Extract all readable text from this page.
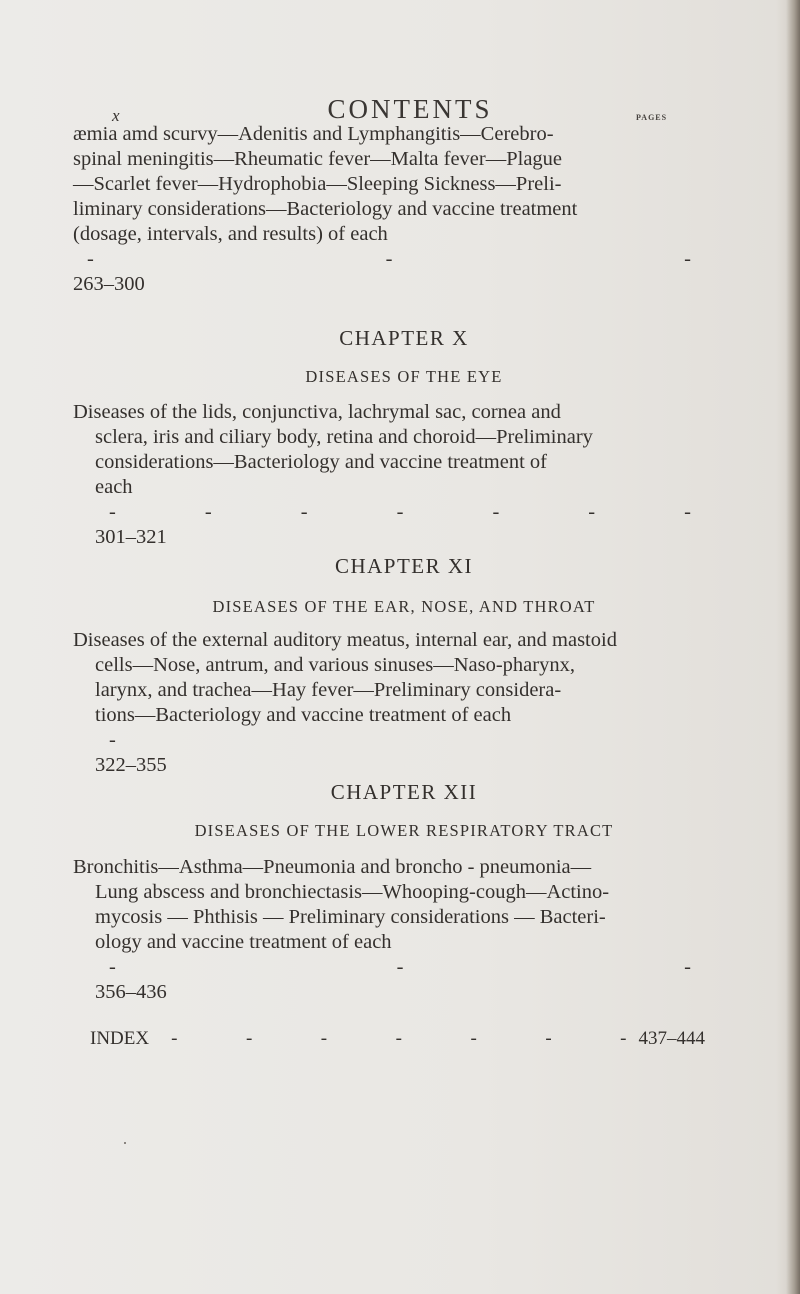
x	CONTENTS	PAGES
æmia amd scurvy—Adenitis and Lymphangitis—Cerebro-
spinal meningitis—Rheumatic fever—Malta fever—Plague
—Scarlet fever—Hydrophobia—Sleeping Sickness—Preli-
liminary considerations—Bacteriology and vaccine treatment
(dosage, intervals, and results) of each
-	-	-
263–300
CHAPTER X
DISEASES OF THE EYE
Diseases of the lids, conjunctiva, lachrymal sac, cornea and
sclera, iris and ciliary body, retina and choroid—Preliminary
considerations—Bacteriology and vaccine treatment of
each
-	-	-	-	-	-	-
301–321
CHAPTER XI
DISEASES OF THE EAR, NOSE, AND THROAT
Diseases of the external auditory meatus, internal ear, and mastoid
cells—Nose, antrum, and various sinuses—Naso-pharynx,
larynx, and trachea—Hay fever—Preliminary considera-
tions—Bacteriology and vaccine treatment of each
-
322–355
CHAPTER XII
DISEASES OF THE LOWER RESPIRATORY TRACT
Bronchitis—Asthma—Pneumonia and broncho - pneumonia—
Lung abscess and bronchiectasis—Whooping-cough—Actino-
mycosis — Phthisis — Preliminary considerations — Bacteri-
ology and vaccine treatment of each
-	-	-
356–436
INDEX -	-	-	-	-	-	- 437–444
